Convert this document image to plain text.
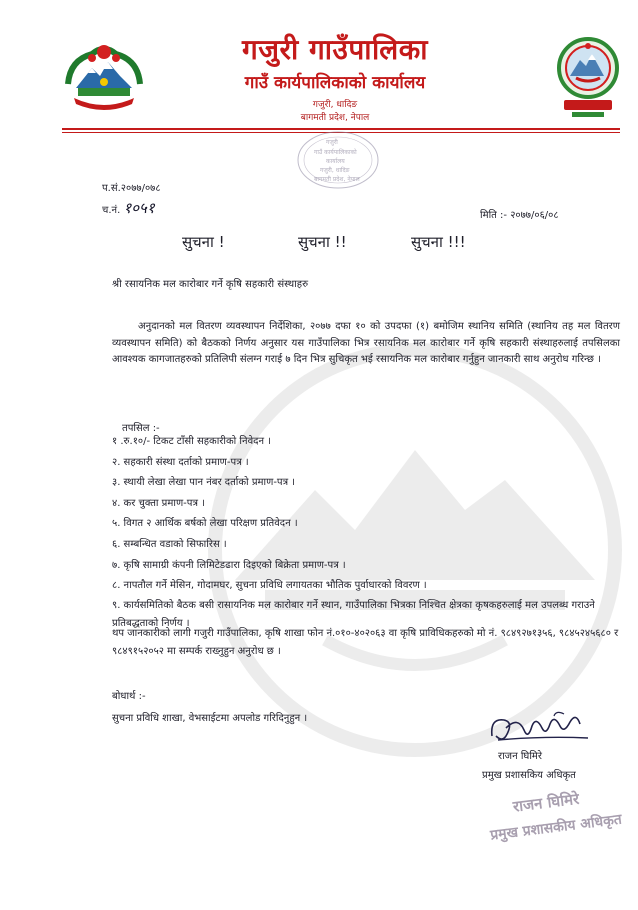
गजुरी गाउँपालिका
गाउँ कार्यपालिकाको कार्यालय
गजुरी, धादिङ
बागमती प्रदेश, नेपाल
गजुरी
गाउँ कार्यपालिकाको
कार्यालय
गजुरी, धादिङ
बागमती प्रदेश, नेपाल
प.सं.२०७७/०७८
च.नं. १०५१	मिति :- २०७७/०६/०८
सुचना !	सुचना !!	सुचना !!!
श्री रसायनिक मल कारोबार गर्ने कृषि सहकारी संस्थाहरु

अनुदानको मल वितरण व्यवस्थापन निर्देशिका, २०७७ दफा १० को उपदफा (१) बमोजिम स्थानिय समिति (स्थानिय तह मल वितरण व्यवस्थापन समिति) को बैठकको निर्णय अनुसार यस गाउँपालिका भित्र रसायनिक मल कारोबार गर्ने कृषि सहकारी संस्थाहरुलाई तपसिलका आवश्यक कागजातहरुको प्रतिलिपी संलग्न गराई ७ दिन भित्र सुचिकृत भई रसायनिक मल कारोबार गर्नुहुन जानकारी साथ अनुरोध गरिन्छ ।

तपसिल :-
१ .रु.१०/- टिकट टाँसी सहकारीको निवेदन ।
२. सहकारी संस्था दर्ताको प्रमाण-पत्र ।
३. स्थायी लेखा लेखा पान नंबर दर्ताको प्रमाण-पत्र ।
४. कर चुक्ता प्रमाण-पत्र ।
५. विगत २ आर्थिक बर्षको लेखा परिक्षण प्रतिवेदन ।
६. सम्बन्धित वडाको सिफारिस ।
७. कृषि सामाग्री कंपनी लिमिटेडढारा दिइएको बिक्रेता प्रमाण-पत्र ।
८. नापतौल गर्ने मेसिन, गोदामघर, सुचना प्रविधि लगायतका भौतिक पुर्वाधारको विवरण ।
९. कार्यसमितिको बैठक बसी रासायनिक मल कारोबार गर्ने स्थान, गाउँपालिका भित्रका निश्चित क्षेत्रका कृषकहरुलाई मल उपलब्ध गराउने प्रतिबद्धताको निर्णय ।

थप जानकारीको लागी गजुरी गाउँपालिका, कृषि शाखा फोन नं.०१०-४०२०६३ वा कृषि प्राविधिकहरुको मो नं. ९८४९२७१३५६, ९८४५२४५६८० र ९८४९१५२०५२ मा सम्पर्क राख्नुहुन अनुरोध छ ।

बोधार्थ :-
सुचना प्रविधि शाखा, वेभसाईटमा अपलोड गरिदिनुहुन ।
राजन घिमिरे
प्रमुख प्रशासकिय अधिकृत
राजन घिमिरे
प्रमुख प्रशासकीय अधिकृत
